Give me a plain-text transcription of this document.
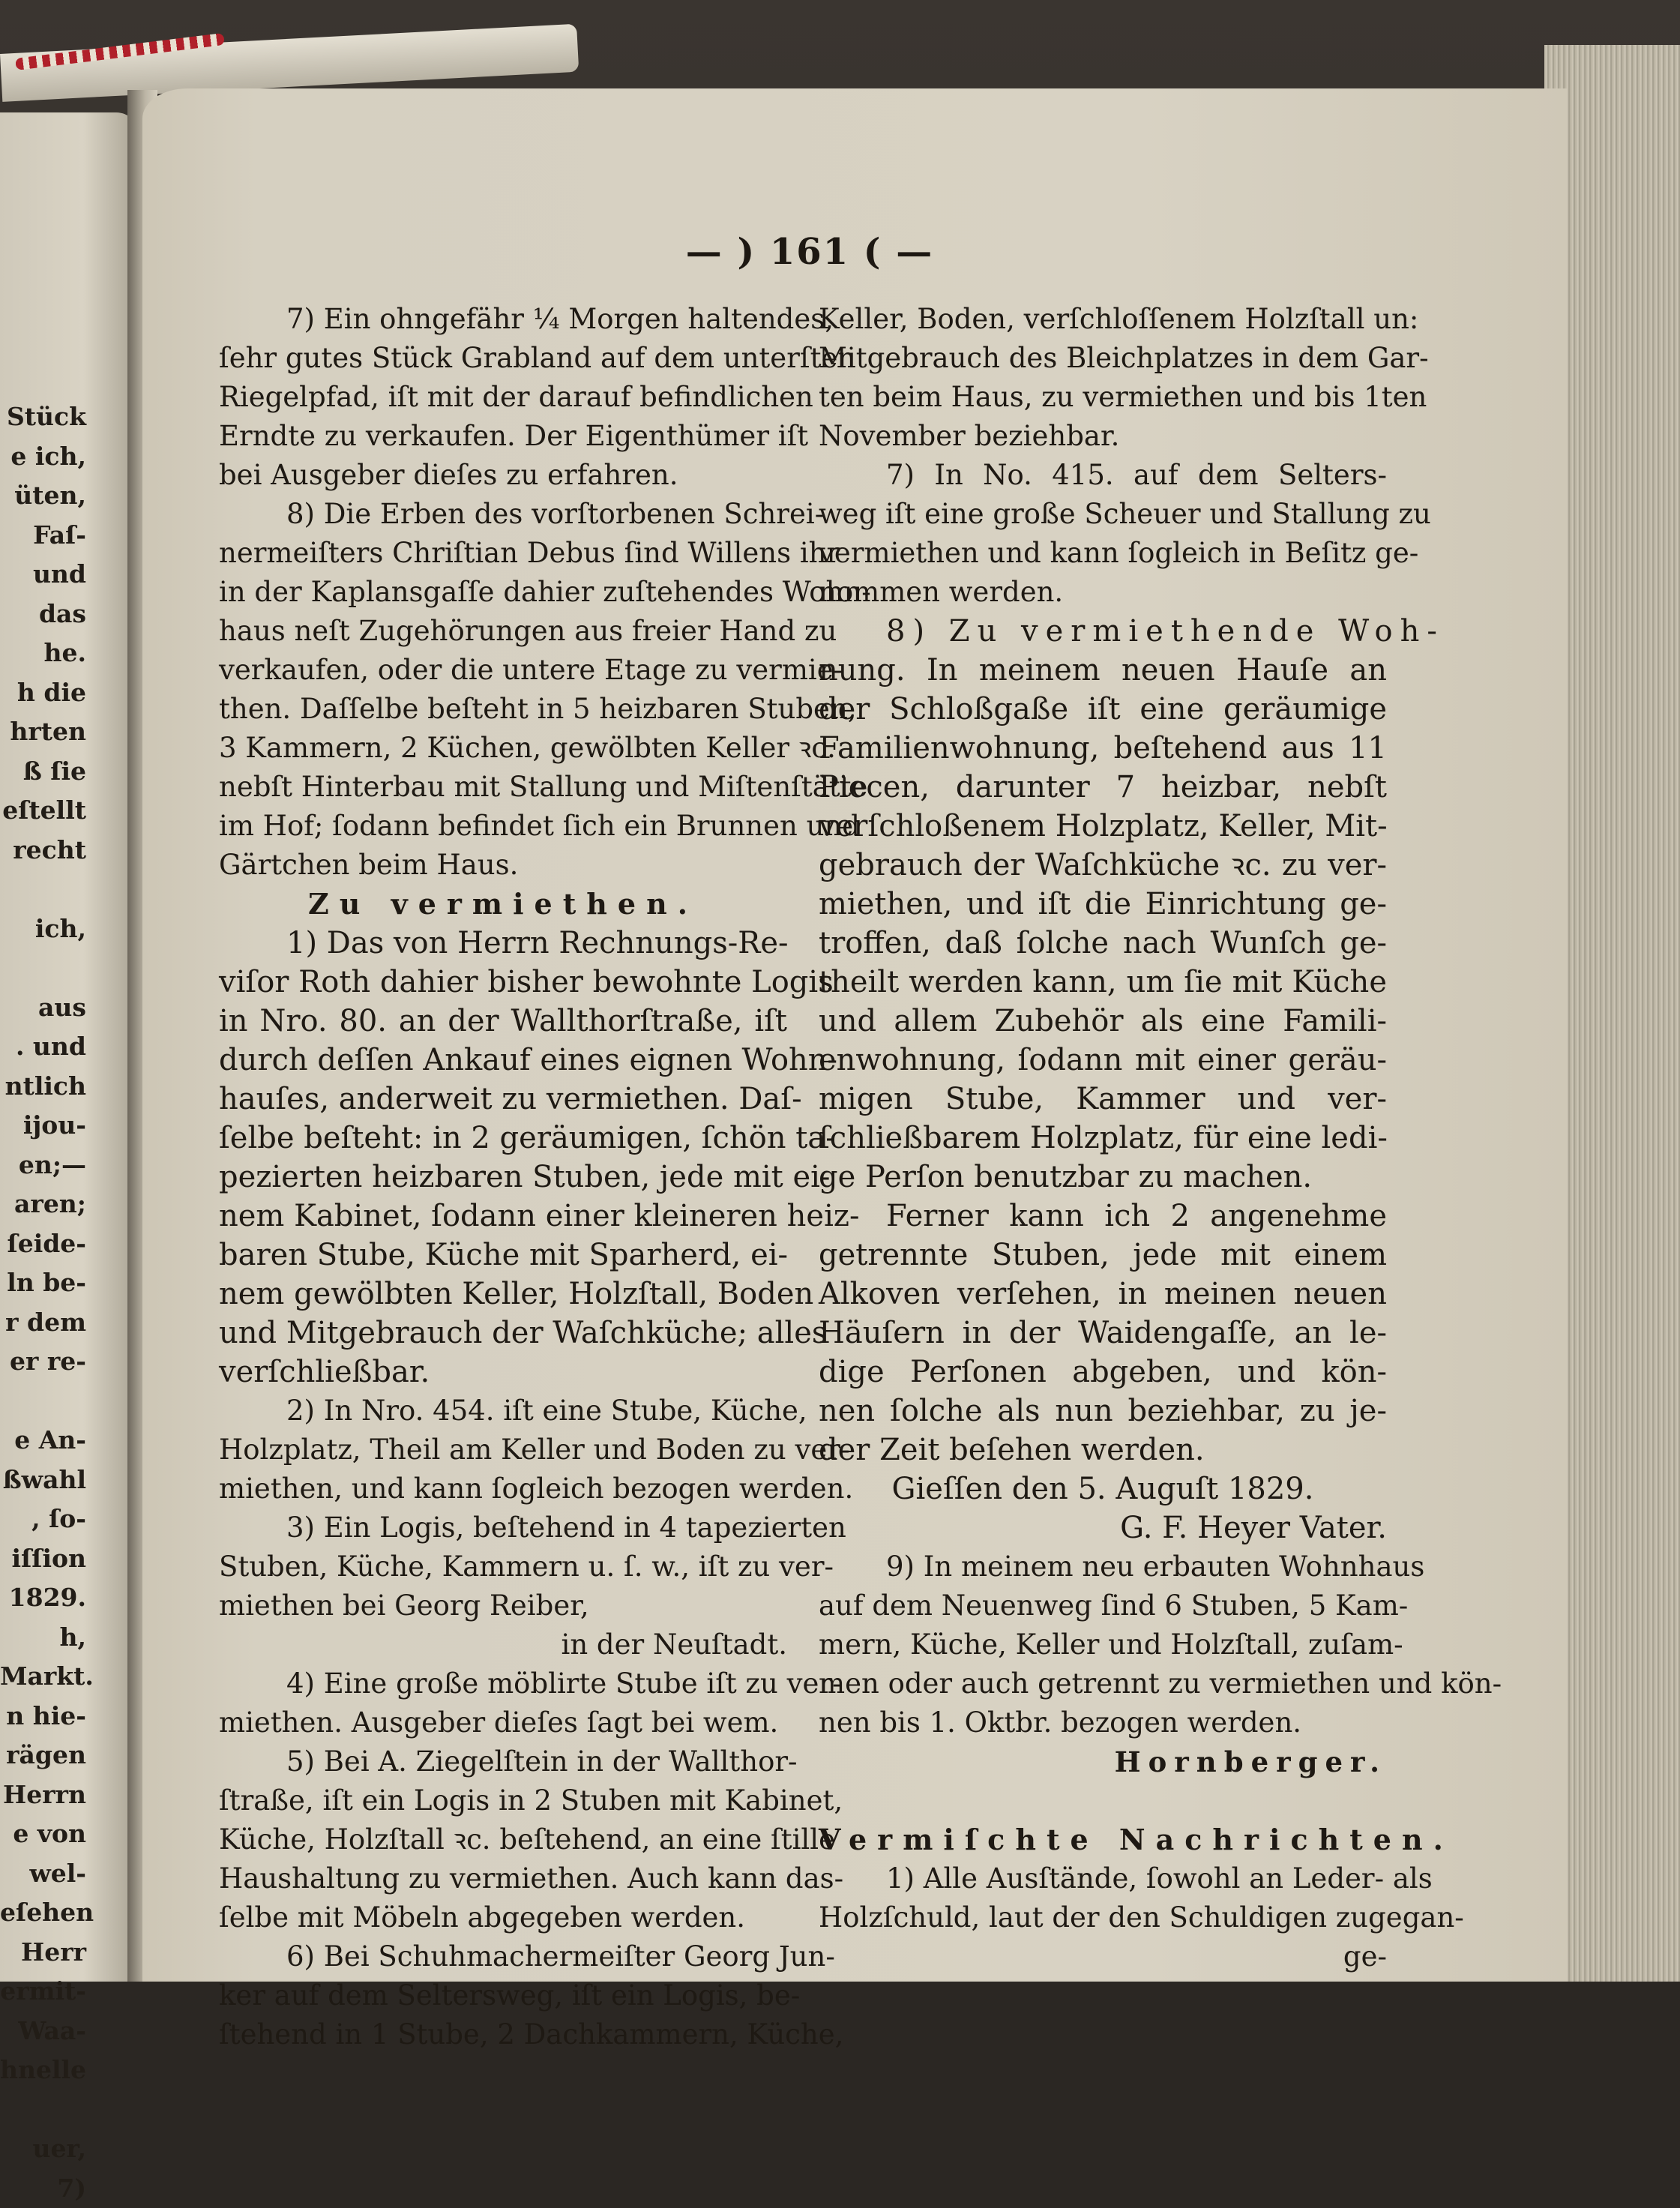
Stück
e ich,
üten,
Faſ-
und
das
he.
h die
hrten
ß ſie
eſtellt
recht
ich,
aus
. und
ntlich
ijou-
en;—
aren;
ſeide-
ln be-
r dem
er re-
e An-
ßwahl
, ſo-
iſſion
1829.
h,
Markt.
n hie-
rägen
Herrn
e von
wel-
eſehen
Herr
ermit-
Waa-
hnelle
uer,
7)
— ) 161 ( —
7) Ein ohngefähr ¼ Morgen haltendes,
ſehr gutes Stück Grabland auf dem unterſten
Riegelpfad, iſt mit der darauf befindlichen
Erndte zu verkaufen. Der Eigenthümer iſt
bei Ausgeber dieſes zu erfahren.
8) Die Erben des vorſtorbenen Schrei-
nermeiſters Chriſtian Debus ſind Willens ihr
in der Kaplansgaſſe dahier zuſtehendes Wohn-
haus neſt Zugehörungen aus freier Hand zu
verkaufen, oder die untere Etage zu vermie-
then. Daſſelbe beſteht in 5 heizbaren Stuben,
3 Kammern, 2 Küchen, gewölbten Keller ꝛc.
nebſt Hinterbau mit Stallung und Miſtenſtätte
im Hof; ſodann befindet ſich ein Brunnen und
Gärtchen beim Haus.
Zu vermiethen.
1) Das von Herrn Rechnungs-Re-
viſor Roth dahier bisher bewohnte Logis
in Nro. 80. an der Wallthorſtraße, iſt
durch deſſen Ankauf eines eignen Wohn-
hauſes, anderweit zu vermiethen. Daſ-
ſelbe beſteht: in 2 geräumigen, ſchön ta-
pezierten heizbaren Stuben, jede mit ei-
nem Kabinet, ſodann einer kleineren heiz-
baren Stube, Küche mit Sparherd, ei-
nem gewölbten Keller, Holzſtall, Boden
und Mitgebrauch der Waſchküche; alles
verſchließbar.
2) In Nro. 454. iſt eine Stube, Küche,
Holzplatz, Theil am Keller und Boden zu ver-
miethen, und kann ſogleich bezogen werden.
3) Ein Logis, beſtehend in 4 tapezierten
Stuben, Küche, Kammern u. ſ. w., iſt zu ver-
miethen bei Georg Reiber,
in der Neuſtadt.
4) Eine große möblirte Stube iſt zu ver-
miethen. Ausgeber dieſes ſagt bei wem.
5) Bei A. Ziegelſtein in der Wallthor-
ſtraße, iſt ein Logis in 2 Stuben mit Kabinet,
Küche, Holzſtall ꝛc. beſtehend, an eine ſtille
Haushaltung zu vermiethen. Auch kann das-
ſelbe mit Möbeln abgegeben werden.
6) Bei Schuhmachermeiſter Georg Jun-
ker auf dem Seltersweg, iſt ein Logis, be-
ſtehend in 1 Stube, 2 Dachkammern, Küche,
Keller, Boden, verſchloſſenem Holzſtall un:
Mitgebrauch des Bleichplatzes in dem Gar-
ten beim Haus, zu vermiethen und bis 1ten
November beziehbar.
7) In No. 415. auf dem Selters-
weg iſt eine große Scheuer und Stallung zu
vermiethen und kann ſogleich in Beſitz ge-
nommen werden.
8) Zu vermiethende Woh-
nung. In meinem neuen Hauſe an
der Schloßgaße iſt eine geräumige
Familienwohnung, beſtehend aus 11
Piecen, darunter 7 heizbar, nebſt
verſchloßenem Holzplatz, Keller, Mit-
gebrauch der Waſchküche ꝛc. zu ver-
miethen, und iſt die Einrichtung ge-
troffen, daß ſolche nach Wunſch ge-
theilt werden kann, um ſie mit Küche
und allem Zubehör als eine Famili-
enwohnung, ſodann mit einer geräu-
migen Stube, Kammer und ver-
ſchließbarem Holzplatz, für eine ledi-
ge Perſon benutzbar zu machen.
Ferner kann ich 2 angenehme
getrennte Stuben, jede mit einem
Alkoven verſehen, in meinen neuen
Häuſern in der Waidengaſſe, an le-
dige Perſonen abgeben, und kön-
nen ſolche als nun beziehbar, zu je-
der Zeit beſehen werden.
Gieſſen den 5. Auguſt 1829.
G. F. Heyer Vater.
9) In meinem neu erbauten Wohnhaus
auf dem Neuenweg ſind 6 Stuben, 5 Kam-
mern, Küche, Keller und Holzſtall, zuſam-
men oder auch getrennt zu vermiethen und kön-
nen bis 1. Oktbr. bezogen werden.
Hornberger.
Vermiſchte Nachrichten.
1) Alle Ausſtände, ſowohl an Leder- als
Holzſchuld, laut der den Schuldigen zugegan-
ge-
